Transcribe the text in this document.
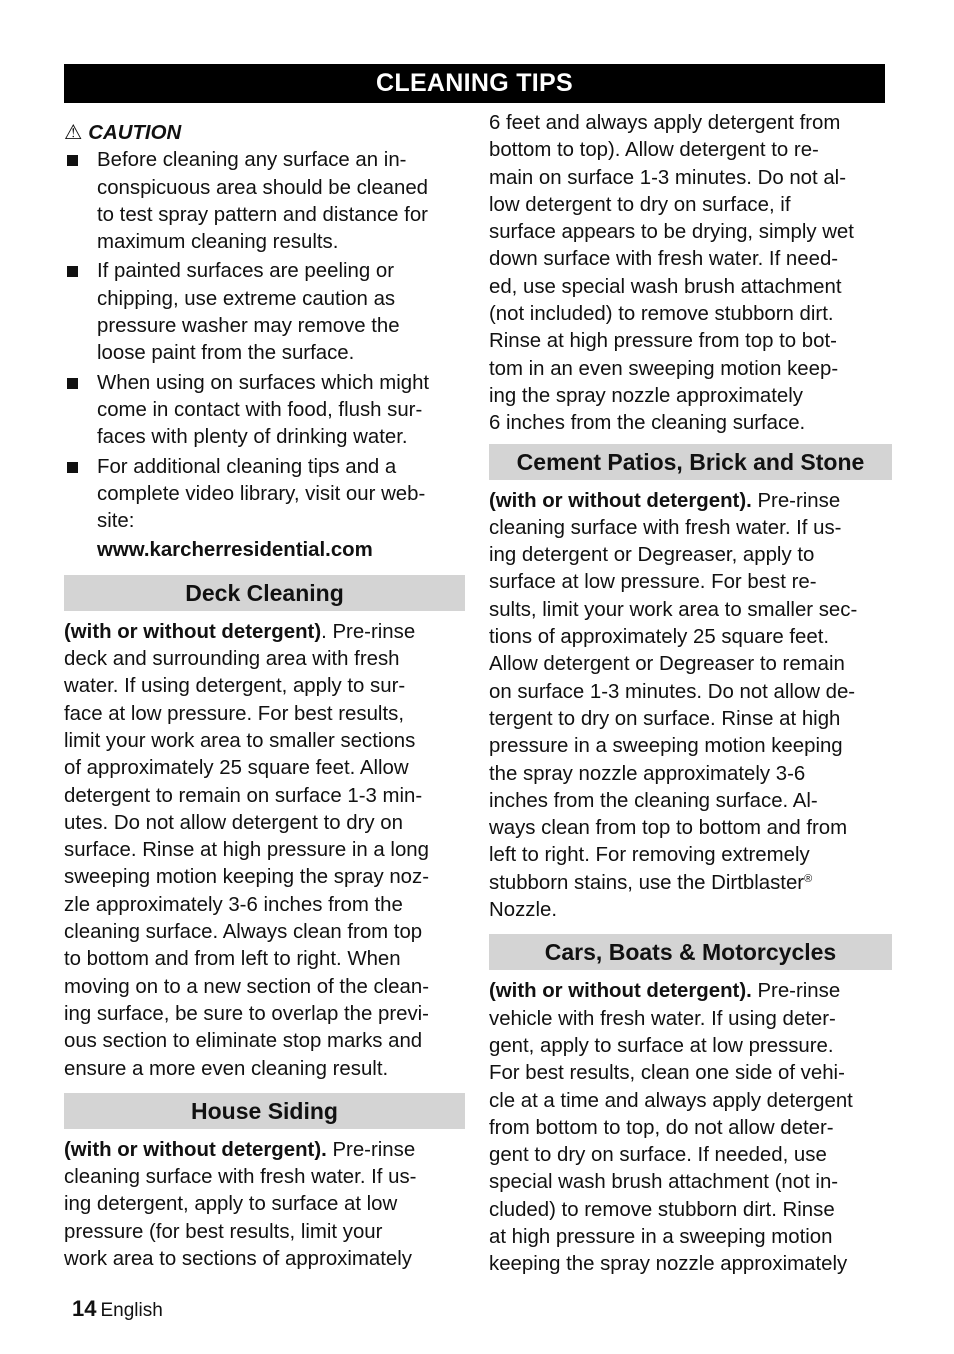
CLEANING TIPS
⚠ CAUTION
Before cleaning any surface an in-
conspicuous area should be cleaned
to test spray pattern and distance for
maximum cleaning results.
If painted surfaces are peeling or
chipping, use extreme caution as
pressure washer may remove the
loose paint from the surface.
When using on surfaces which might
come in contact with food, flush sur-
faces with plenty of drinking water.
For additional cleaning tips and a
complete video library, visit our web-
site:
www.karcherresidential.com
Deck Cleaning
(with or without detergent). Pre-rinse
deck and surrounding area with fresh
water. If using detergent, apply to sur-
face at low pressure. For best results,
limit your work area to smaller sections
of approximately 25 square feet. Allow
detergent to remain on surface 1-3 min-
utes. Do not allow detergent to dry on
surface. Rinse at high pressure in a long
sweeping motion keeping the spray noz-
zle approximately 3-6 inches from the
cleaning surface. Always clean from top
to bottom and from left to right. When
moving on to a new section of the clean-
ing surface, be sure to overlap the previ-
ous section to eliminate stop marks and
ensure a more even cleaning result.
House Siding
(with or without detergent). Pre-rinse
cleaning surface with fresh water. If us-
ing detergent, apply to surface at low
pressure (for best results, limit your
work area to sections of approximately
6 feet and always apply detergent from
bottom to top). Allow detergent to re-
main on surface 1-3 minutes. Do not al-
low detergent to dry on surface, if
surface appears to be drying, simply wet
down surface with fresh water. If need-
ed, use special wash brush attachment
(not included) to remove stubborn dirt.
Rinse at high pressure from top to bot-
tom in an even sweeping motion keep-
ing the spray nozzle approximately
6 inches from the cleaning surface.
Cement Patios, Brick and Stone
(with or without detergent). Pre-rinse
cleaning surface with fresh water. If us-
ing detergent or Degreaser, apply to
surface at low pressure. For best re-
sults, limit your work area to smaller sec-
tions of approximately 25 square feet.
Allow detergent or Degreaser to remain
on surface 1-3 minutes. Do not allow de-
tergent to dry on surface. Rinse at high
pressure in a sweeping motion keeping
the spray nozzle approximately 3-6
inches from the cleaning surface. Al-
ways clean from top to bottom and from
left to right. For removing extremely
stubborn stains, use the Dirtblaster®
Nozzle.
Cars, Boats & Motorcycles
(with or without detergent). Pre-rinse
vehicle with fresh water. If using deter-
gent, apply to surface at low pressure.
For best results, clean one side of vehi-
cle at a time and always apply detergent
from bottom to top, do not allow deter-
gent to dry on surface. If needed, use
special wash brush attachment (not in-
cluded) to remove stubborn dirt. Rinse
at high pressure in a sweeping motion
keeping the spray nozzle approximately
14 English
